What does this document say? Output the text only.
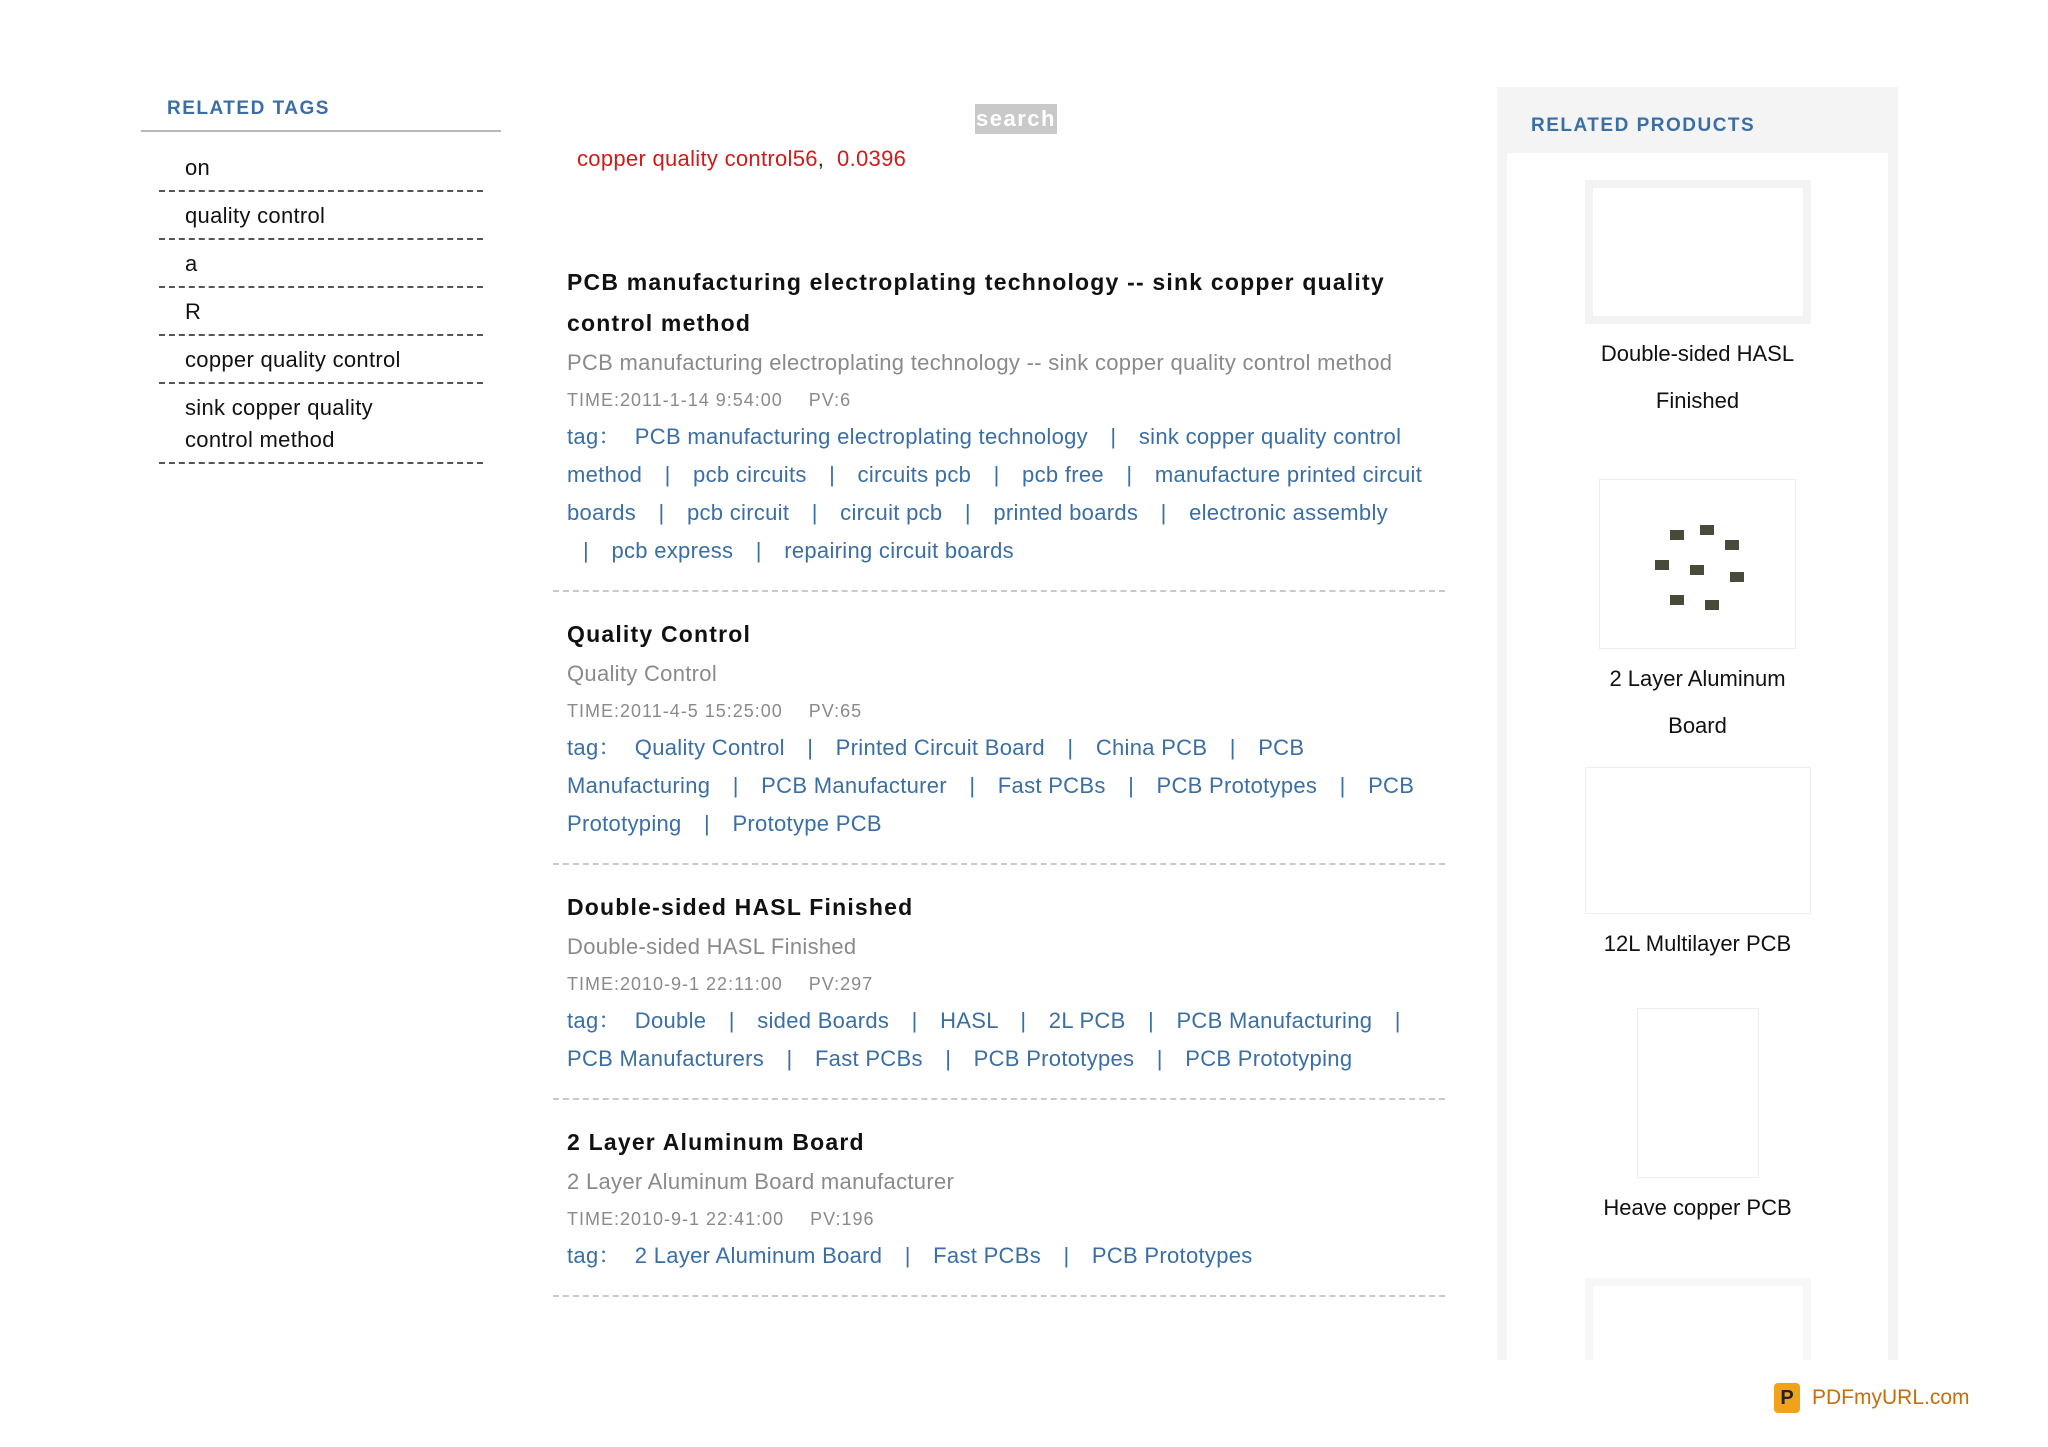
RELATED TAGS
on
quality control
a
R
copper quality control
sink copper quality control method
search
copper quality control56, 0.0396
PCB manufacturing electroplating technology -- sink copper quality control method
PCB manufacturing electroplating technology -- sink copper quality control method
TIME:2011-1-14 9:54:00 PV:6
tag： PCB manufacturing electroplating technology | sink copper quality control method | pcb circuits | circuits pcb | pcb free | manufacture printed circuit boards | pcb circuit | circuit pcb | printed boards | electronic assembly | pcb express | repairing circuit boards
Quality Control
Quality Control
TIME:2011-4-5 15:25:00 PV:65
tag： Quality Control | Printed Circuit Board | China PCB | PCB Manufacturing | PCB Manufacturer | Fast PCBs | PCB Prototypes | PCB Prototyping | Prototype PCB
Double-sided HASL Finished
Double-sided HASL Finished
TIME:2010-9-1 22:11:00 PV:297
tag： Double | sided Boards | HASL | 2L PCB | PCB Manufacturing | PCB Manufacturers | Fast PCBs | PCB Prototypes | PCB Prototyping
2 Layer Aluminum Board
2 Layer Aluminum Board manufacturer
TIME:2010-9-1 22:41:00 PV:196
tag： 2 Layer Aluminum Board | Fast PCBs | PCB Prototypes
RELATED PRODUCTS
Double-sided HASL
Finished
2 Layer Aluminum
Board
12L Multilayer PCB
Heave copper PCB
P PDFmyURL.com
